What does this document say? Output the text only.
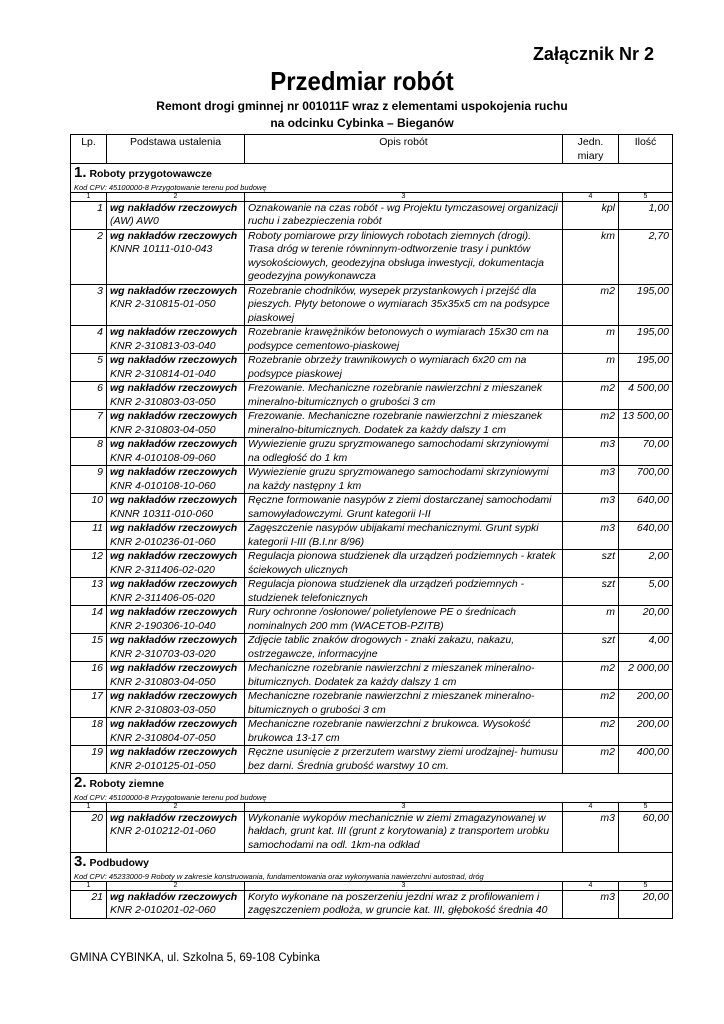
Załącznik Nr 2
Przedmiar robót
Remont drogi gminnej nr 001011F wraz z elementami uspokojenia ruchu
na odcinku Cybinka – Bieganów
Lp.	Podstawa ustalenia	Opis robót	Jedn. miary	Ilość
1. Roboty przygotowawcze
Kod CPV: 45100000-8 Przygotowanie terenu pod budowę				

1	2	3	4	5
1	wg nakładów rzeczowych
(AW) AW0	Oznakowanie na czas robót - wg Projektu tymczasowej organizacji ruchu i zabezpieczenia robót	kpl	1,00
2	wg nakładów rzeczowych
KNNR 10111-010-043	Roboty pomiarowe przy liniowych robotach ziemnych (drogi). Trasa dróg w terenie równinnym-odtworzenie trasy i punktów wysokościowych, geodezyjna obsługa inwestycji, dokumentacja geodezyjna powykonawcza	km	2,70
3	wg nakładów rzeczowych
KNR 2-310815-01-050	Rozebranie chodników, wysepek przystankowych i przejść dla pieszych. Płyty betonowe o wymiarach 35x35x5 cm na podsypce piaskowej	m2	195,00
4	wg nakładów rzeczowych
KNR 2-310813-03-040	Rozebranie krawężników betonowych o wymiarach 15x30 cm na podsypce cementowo-piaskowej	m	195,00
5	wg nakładów rzeczowych
KNR 2-310814-01-040	Rozebranie obrzeży trawnikowych o wymiarach 6x20 cm na podsypce piaskowej	m	195,00
6	wg nakładów rzeczowych
KNR 2-310803-03-050	Frezowanie. Mechaniczne rozebranie nawierzchni z mieszanek mineralno-bitumicznych o grubości 3 cm	m2	4 500,00
7	wg nakładów rzeczowych
KNR 2-310803-04-050	Frezowanie. Mechaniczne rozebranie nawierzchni z mieszanek mineralno-bitumicznych. Dodatek za każdy dalszy 1 cm	m2	13 500,00
8	wg nakładów rzeczowych
KNR 4-010108-09-060	Wywiezienie gruzu spryzmowanego samochodami skrzyniowymi na odległość do 1 km	m3	70,00
9	wg nakładów rzeczowych
KNR 4-010108-10-060	Wywiezienie gruzu spryzmowanego samochodami skrzyniowymi na każdy następny 1 km	m3	700,00
10	wg nakładów rzeczowych
KNNR 10311-010-060	Ręczne formowanie nasypów z ziemi dostarczanej samochodami samowyładowczymi. Grunt kategorii I-II	m3	640,00
11	wg nakładów rzeczowych
KNR 2-010236-01-060	Zagęszczenie nasypów ubijakami mechanicznymi. Grunt sypki kategorii I-III (B.I.nr 8/96)	m3	640,00
12	wg nakładów rzeczowych
KNR 2-311406-02-020	Regulacja pionowa studzienek dla urządzeń podziemnych - kratek ściekowych ulicznych	szt	2,00
13	wg nakładów rzeczowych
KNR 2-311406-05-020	Regulacja pionowa studzienek dla urządzeń podziemnych - studzienek telefonicznych	szt	5,00
14	wg nakładów rzeczowych
KNR 2-190306-10-040	Rury ochronne /osłonowe/ polietylenowe PE o średnicach nominalnych 200 mm (WACETOB-PZITB)	m	20,00
15	wg nakładów rzeczowych
KNR 2-310703-03-020	Zdjęcie tablic znaków drogowych - znaki zakazu, nakazu, ostrzegawcze, informacyjne	szt	4,00
16	wg nakładów rzeczowych
KNR 2-310803-04-050	Mechaniczne rozebranie nawierzchni z mieszanek mineralno-bitumicznych. Dodatek za każdy dalszy 1 cm	m2	2 000,00
17	wg nakładów rzeczowych
KNR 2-310803-03-050	Mechaniczne rozebranie nawierzchni z mieszanek mineralno-bitumicznych o grubości 3 cm	m2	200,00
18	wg nakładów rzeczowych
KNR 2-310804-07-050	Mechaniczne rozebranie nawierzchni z brukowca. Wysokość brukowca 13-17 cm	m2	200,00
19	wg nakładów rzeczowych
KNR 2-010125-01-050	Ręczne usunięcie z przerzutem warstwy ziemi urodzajnej- humusu bez darni. Średnia grubość warstwy 10 cm.	m2	400,00
2. Roboty ziemne
Kod CPV: 45100000-8 Przygotowanie terenu pod budowę				

1	2	3	4	5
20	wg nakładów rzeczowych
KNR 2-010212-01-060	Wykonanie wykopów mechanicznie w ziemi zmagazynowanej w hałdach, grunt kat. III (grunt z korytowania) z transportem urobku samochodami na odl. 1km-na odkład	m3	60,00
3. Podbudowy
Kod CPV: 45233000-9 Roboty w zakresie konstruowania, fundamentowania oraz wykonywania nawierzchni autostrad, dróg				

1	2	3	4	5
21	wg nakładów rzeczowych
KNR 2-010201-02-060	Koryto wykonane na poszerzeniu jezdni wraz z profilowaniem i zagęszczeniem podłoża, w gruncie kat. III, głębokość średnia 40	m3	20,00
GMINA CYBINKA, ul. Szkolna 5, 69-108 Cybinka
